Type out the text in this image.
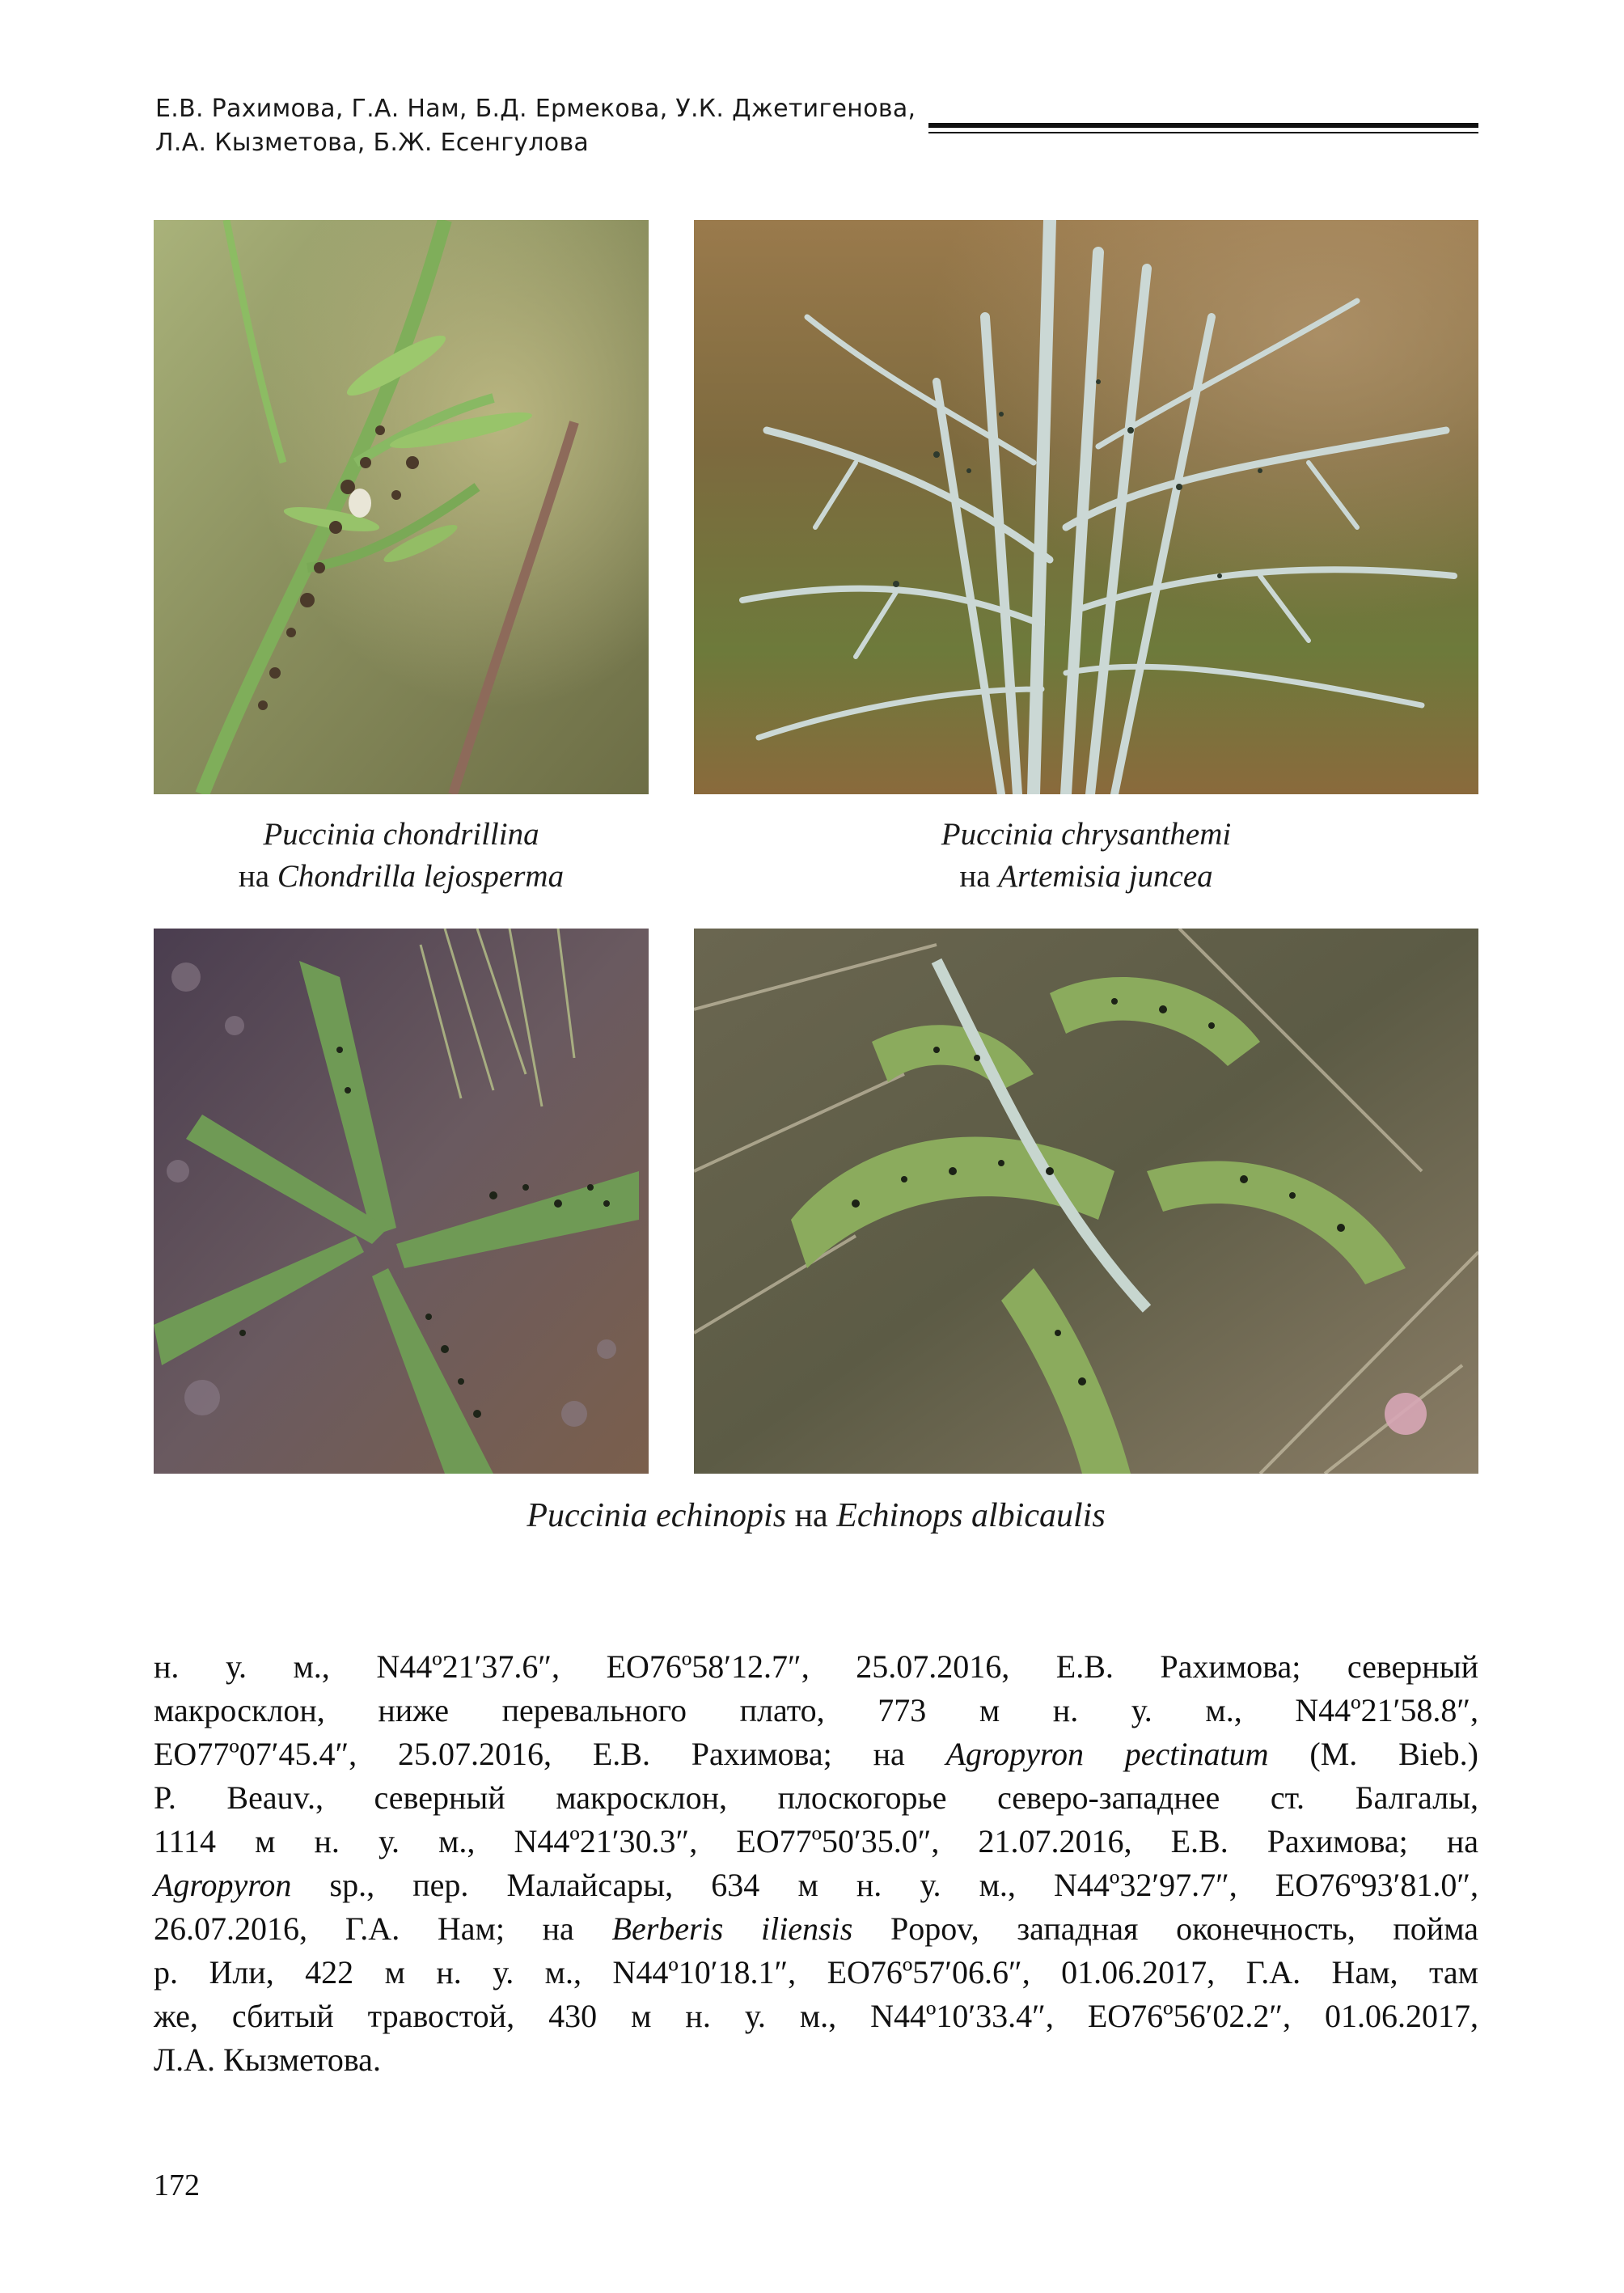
Е.В. Рахимова, Г.А. Нам, Б.Д. Ермекова, У.К. Джетигенова,
Л.А. Кызметова, Б.Ж. Есенгулова
Puccinia chondrillina
на Chondrilla lejosperma
Puccinia chrysanthemi
на Artemisia juncea
Puccinia echinopis на Echinops albicaulis
н. у. м., N44º21′37.6″, EO76º58′12.7″, 25.07.2016, Е.В. Рахимова; северный
макросклон, ниже перевального плато, 773 м н. у. м., N44º21′58.8″,
EO77º07′45.4″, 25.07.2016, Е.В. Рахимова; на Agropyron pectinatum (M. Bieb.)
P. Beauv., северный макросклон, плоскогорье северо-западнее ст. Балгалы,
1114 м н. у. м., N44º21′30.3″, EO77º50′35.0″, 21.07.2016, Е.В. Рахимова; на
Agropyron sp., пер. Малайсары, 634 м н. у. м., N44º32′97.7″, EO76º93′81.0″,
26.07.2016, Г.А. Нам; на Berberis iliensis Popov, западная оконечность, пойма
р. Или, 422 м н. у. м., N44º10′18.1″, EO76º57′06.6″, 01.06.2017, Г.А. Нам, там
же, сбитый травостой, 430 м н. у. м., N44º10′33.4″, EO76º56′02.2″, 01.06.2017,
Л.А. Кызметова.
172
